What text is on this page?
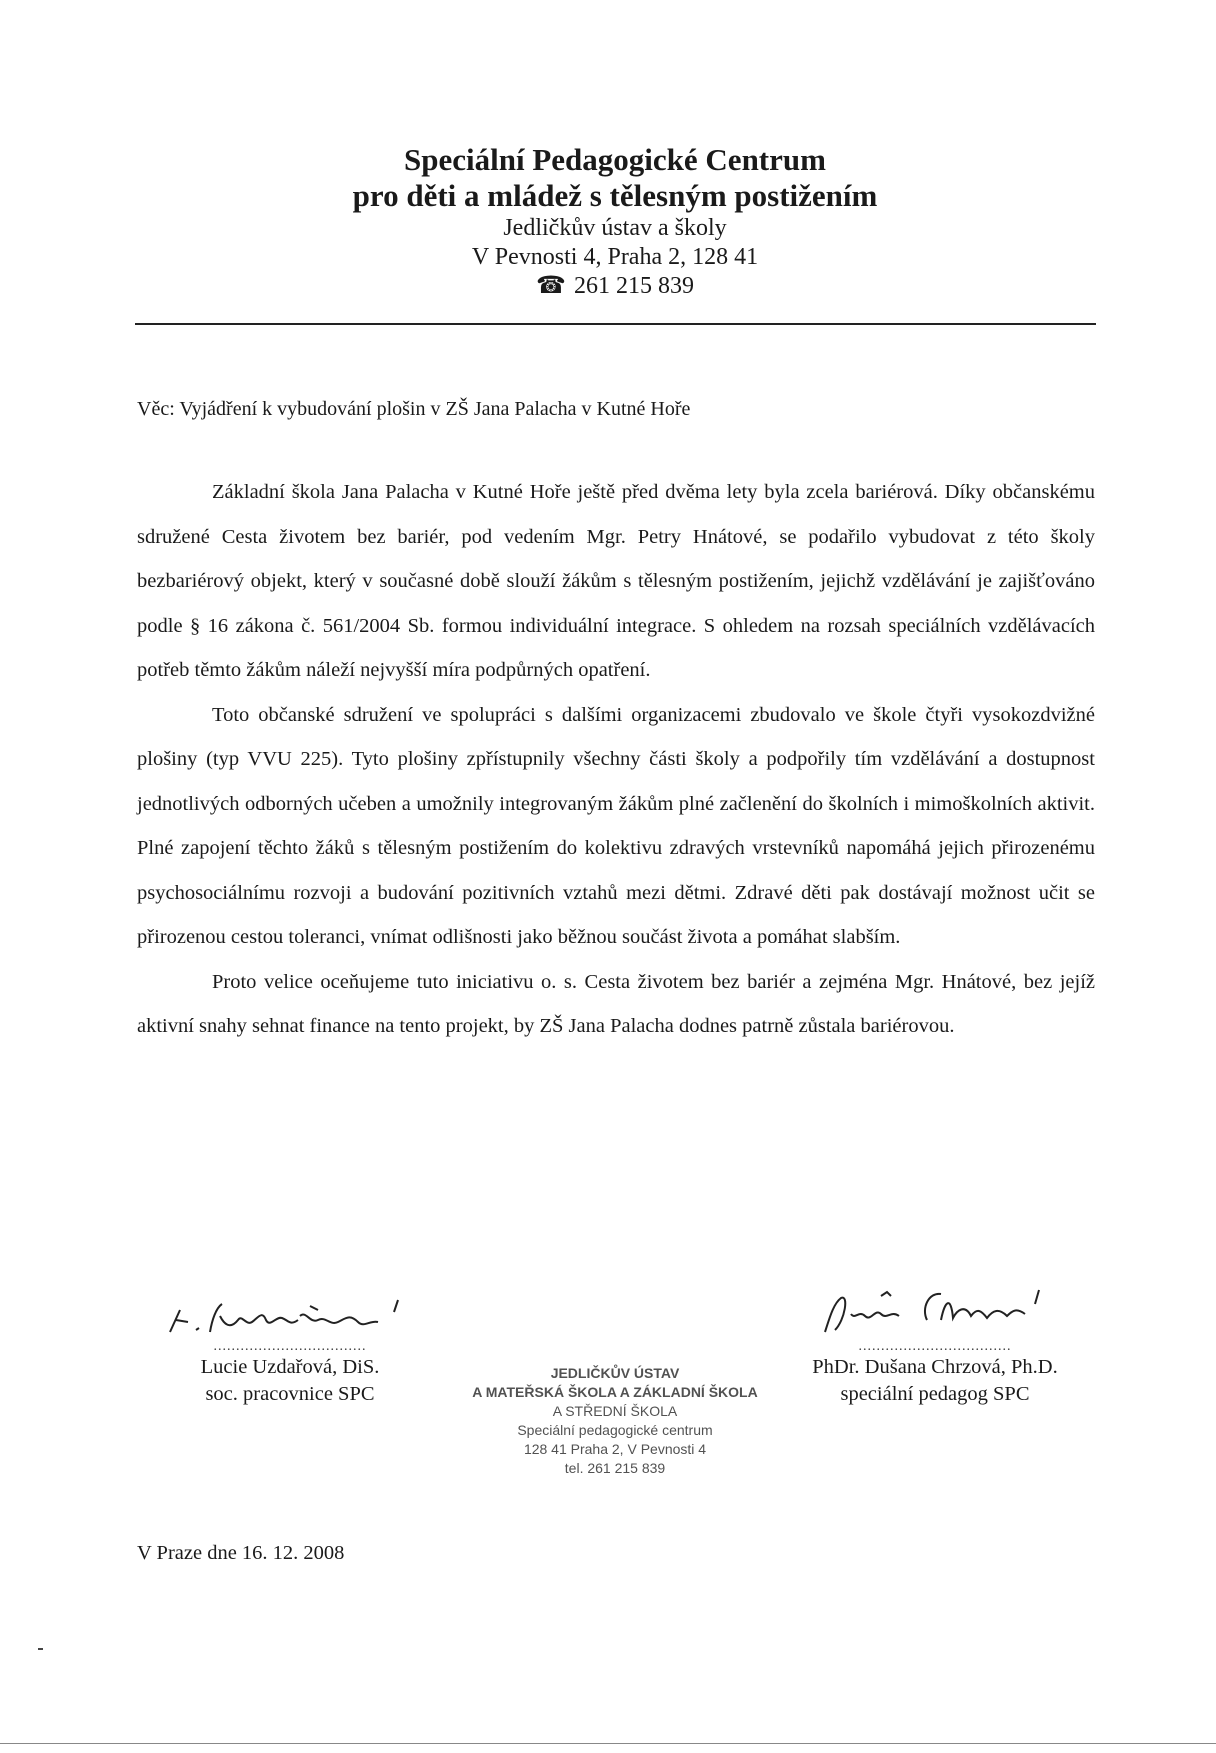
Speciální Pedagogické Centrum
pro děti a mládež s tělesným postižením
Jedličkův ústav a školy
V Pevnosti 4, Praha 2, 128 41
☎ 261 215 839
Věc: Vyjádření k vybudování plošin v ZŠ Jana Palacha v Kutné Hoře

Základní škola Jana Palacha v Kutné Hoře ještě před dvěma lety byla zcela bariérová. Díky občanskému sdružené Cesta životem bez bariér, pod vedením Mgr. Petry Hnátové, se podařilo vybudovat z této školy bezbariérový objekt, který v současné době slouží žákům s tělesným postižením, jejichž vzdělávání je zajišťováno podle § 16 zákona č. 561/2004 Sb. formou individuální integrace. S ohledem na rozsah speciálních vzdělávacích potřeb těmto žákům náleží nejvyšší míra podpůrných opatření.

Toto občanské sdružení ve spolupráci s dalšími organizacemi zbudovalo ve škole čtyři vysokozdvižné plošiny (typ VVU 225). Tyto plošiny zpřístupnily všechny části školy a podpořily tím vzdělávání a dostupnost jednotlivých odborných učeben a umožnily integrovaným žákům plné začlenění do školních i mimoškolních aktivit. Plné zapojení těchto žáků s tělesným postižením do kolektivu zdravých vrstevníků napomáhá jejich přirozenému psychosociálnímu rozvoji a budování pozitivních vztahů mezi dětmi. Zdravé děti pak dostávají možnost učit se přirozenou cestou toleranci, vnímat odlišnosti jako běžnou součást života a pomáhat slabším.

Proto velice oceňujeme tuto iniciativu o. s. Cesta životem bez bariér a zejména Mgr. Hnátové, bez jejíž aktivní snahy sehnat finance na tento projekt, by ZŠ Jana Palacha dodnes patrně zůstala bariérovou.

..................................
Lucie Uzdařová, DiS.
soc. pracovnice SPC
..................................
PhDr. Dušana Chrzová, Ph.D.
speciální pedagog SPC
JEDLIČKŮV ÚSTAV
A MATEŘSKÁ ŠKOLA A ZÁKLADNÍ ŠKOLA
A STŘEDNÍ ŠKOLA
Speciální pedagogické centrum
128 41 Praha 2, V Pevnosti 4
tel. 261 215 839
V Praze dne 16. 12. 2008
